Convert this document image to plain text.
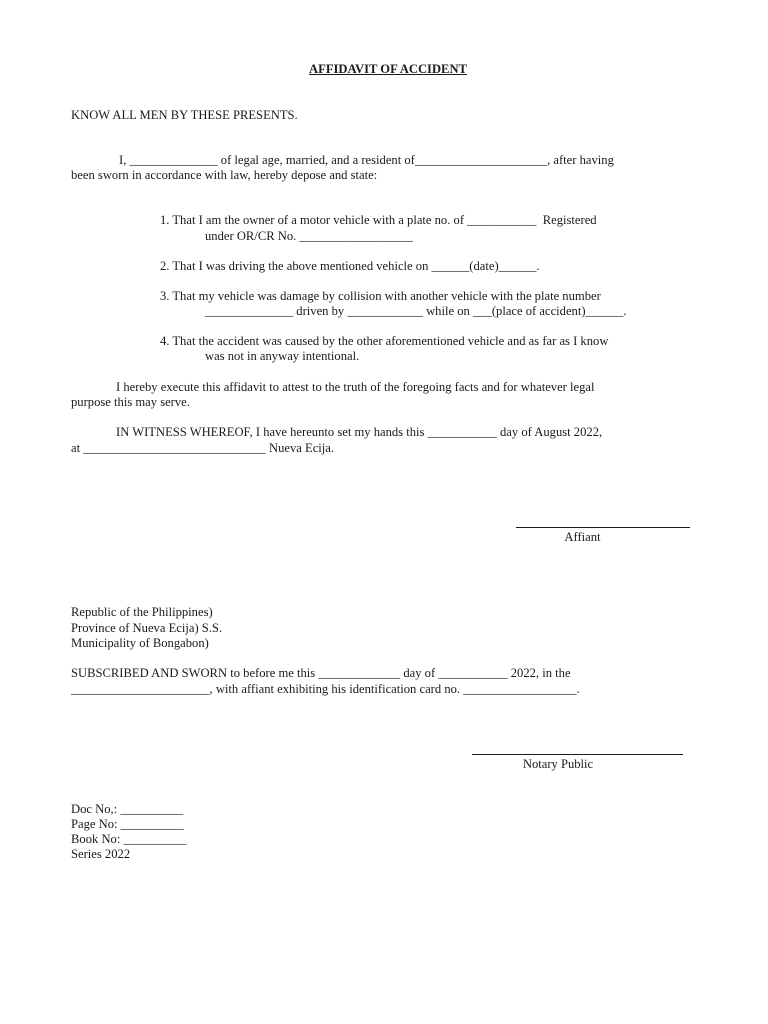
AFFIDAVIT OF ACCIDENT
KNOW ALL MEN BY THESE PRESENTS.
I, ______________ of legal age, married, and a resident of_____________________, after having
been sworn in accordance with law, hereby depose and state:
1. That I am the owner of a motor vehicle with a plate no. of ___________  Registered
under OR/CR No. __________________
2. That I was driving the above mentioned vehicle on ______(date)______.
3. That my vehicle was damage by collision with another vehicle with the plate number
______________ driven by ____________ while on ___(place of accident)______.
4. That the accident was caused by the other aforementioned vehicle and as far as I know
was not in anyway intentional.
I hereby execute this affidavit to attest to the truth of the foregoing facts and for whatever legal
purpose this may serve.
IN WITNESS WHEREOF, I have hereunto set my hands this ___________ day of August 2022,
at _____________________________ Nueva Ecija.
Affiant
Republic of the Philippines)
Province of Nueva Ecija) S.S.
Municipality of Bongabon)
SUBSCRIBED AND SWORN to before me this _____________ day of ___________ 2022, in the
______________________, with affiant exhibiting his identification card no. __________________.
Notary Public
Doc No,: __________
Page No: __________
Book No: __________
Series 2022
